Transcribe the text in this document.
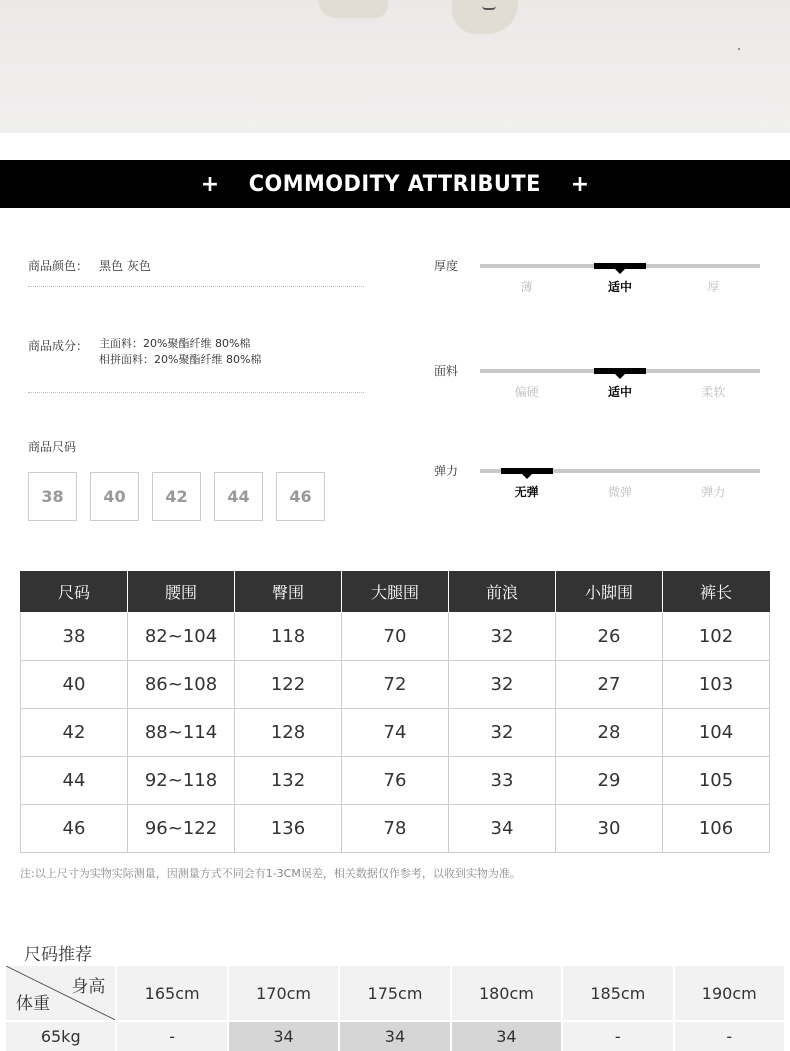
+ COMMODITY ATTRIBUTE +
商品颜色： 黑色 灰色
商品成分： 主面料：20%聚酯纤维 80%棉
相拼面料：20%聚酯纤维 80%棉
商品尺码
38	40	42	44	46
厚度
薄	适中	厚
面料
偏硬	适中	柔软
弹力
无弹	微弹	弹力
尺码	腰围	臀围	大腿围	前浪	小脚围	裤长
38	82~104	118	70	32	26	102
40	86~108	122	72	32	27	103
42	88~114	128	74	32	28	104
44	92~118	132	76	33	29	105
46	96~122	136	78	34	30	106
注:以上尺寸为实物实际测量，因测量方式不同会有1-3CM误差，相关数据仅作参考，以收到实物为准。
尺码推荐
身高
体重	165cm	170cm	175cm	180cm	185cm	190cm
65kg	-	34	34	34	-	-
